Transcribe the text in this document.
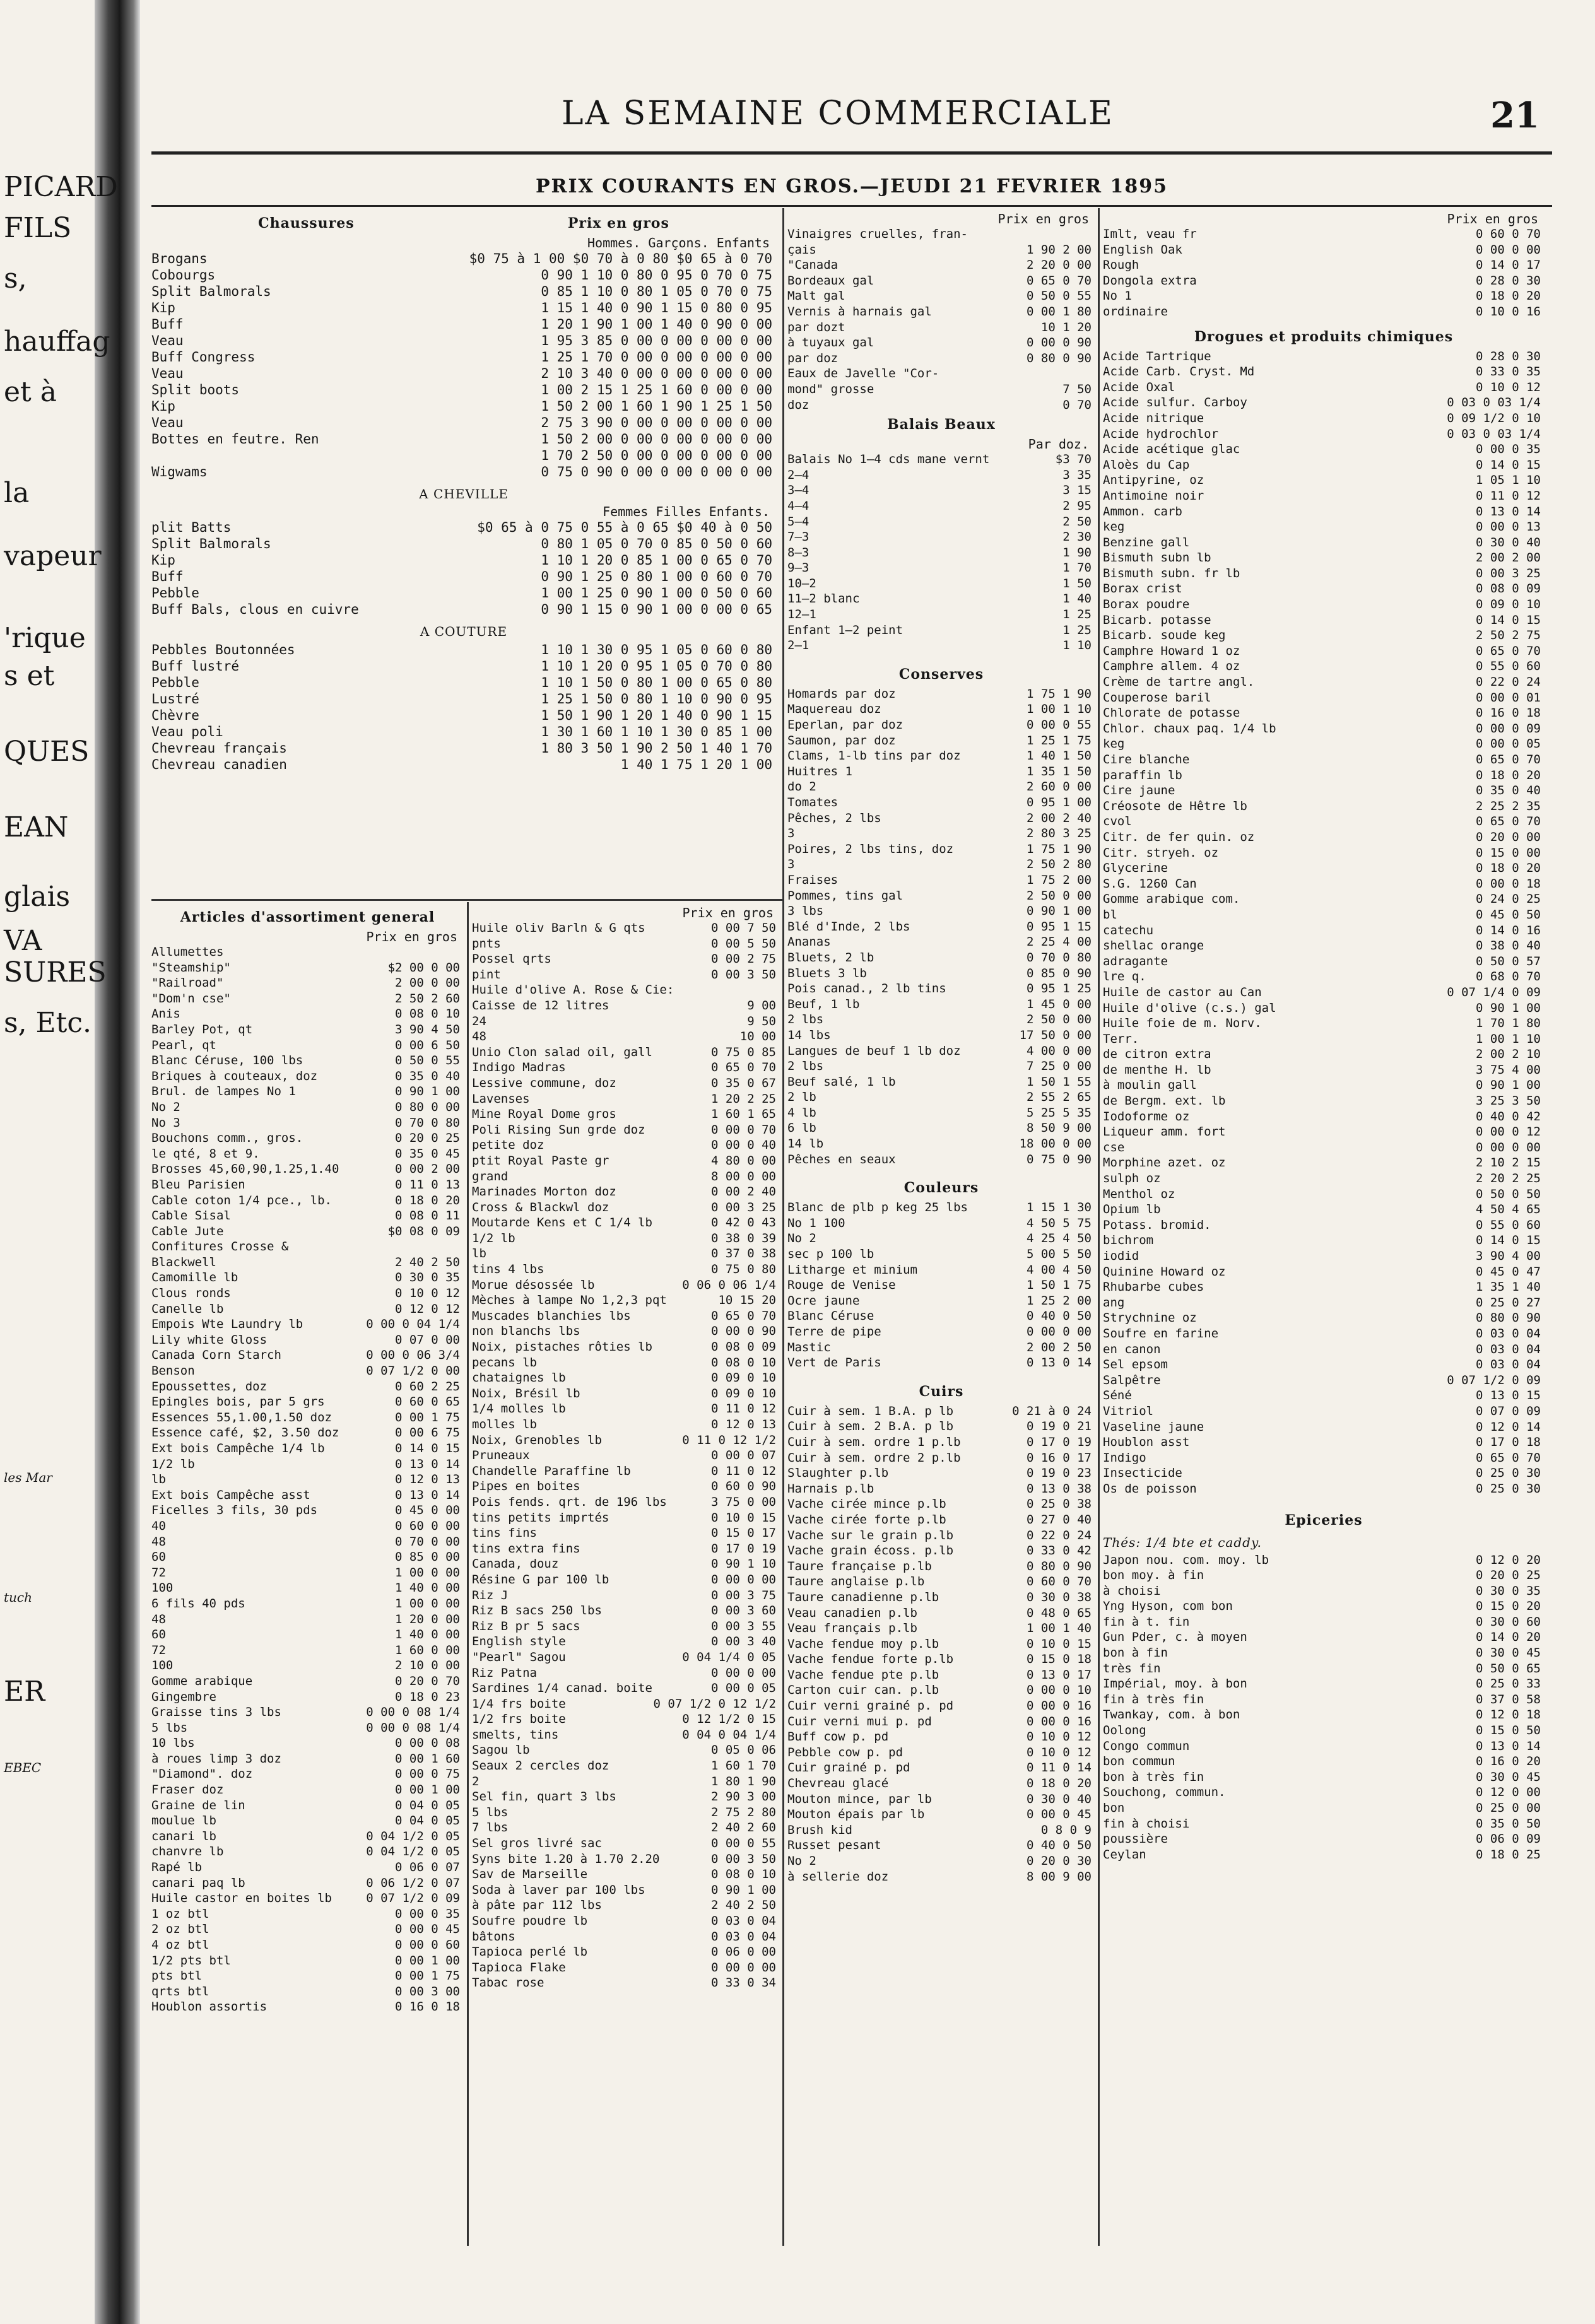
PICARD
FILS
s,
hauffag
et à
la
vapeur
'rique
s et
QUES
EAN
glais
VA
SURES
s, Etc.
les Mar
tuch
ER
EBEC
LA SEMAINE COMMERCIALE	21
PRIX COURANTS EN GROS.—JEUDI 21 FEVRIER 1895
Chaussures	Prix en gros
Hommes. Garçons. Enfants
Brogans	$0 75 à 1 00 $0 70 à 0 80 $0 65 à 0 70
Cobourgs	0 90 1 10 0 80 0 95 0 70 0 75
Split Balmorals	0 85 1 10 0 80 1 05 0 70 0 75
Kip	1 15 1 40 0 90 1 15 0 80 0 95
Buff	1 20 1 90 1 00 1 40 0 90 0 00
Veau	1 95 3 85 0 00 0 00 0 00 0 00
Buff Congress	1 25 1 70 0 00 0 00 0 00 0 00
Veau	2 10 3 40 0 00 0 00 0 00 0 00
Split boots	1 00 2 15 1 25 1 60 0 00 0 00
Kip	1 50 2 00 1 60 1 90 1 25 1 50
Veau	2 75 3 90 0 00 0 00 0 00 0 00
Bottes en feutre. Ren	1 50 2 00 0 00 0 00 0 00 0 00
1 70 2 50 0 00 0 00 0 00 0 00
Wigwams	0 75 0 90 0 00 0 00 0 00 0 00
A CHEVILLE
Femmes Filles Enfants.
plit Batts	$0 65 à 0 75 0 55 à 0 65 $0 40 à 0 50
Split Balmorals	0 80 1 05 0 70 0 85 0 50 0 60
Kip	1 10 1 20 0 85 1 00 0 65 0 70
Buff	0 90 1 25 0 80 1 00 0 60 0 70
Pebble	1 00 1 25 0 90 1 00 0 50 0 60
Buff Bals, clous en cuivre	0 90 1 15 0 90 1 00 0 00 0 65
A COUTURE
Pebbles Boutonnées	1 10 1 30 0 95 1 05 0 60 0 80
Buff lustré	1 10 1 20 0 95 1 05 0 70 0 80
Pebble	1 10 1 50 0 80 1 00 0 65 0 80
Lustré	1 25 1 50 0 80 1 10 0 90 0 95
Chèvre	1 50 1 90 1 20 1 40 0 90 1 15
Veau poli	1 30 1 60 1 10 1 30 0 85 1 00
Chevreau français	1 80 3 50 1 90 2 50 1 40 1 70
Chevreau canadien	1 40 1 75 1 20 1 00
Articles d'assortiment general
Prix en gros
Allumettes
"Steamship"	$2 00 0 00
"Railroad"	2 00 0 00
"Dom'n cse"	2 50 2 60
Anis	0 08 0 10
Barley Pot, qt	3 90 4 50
Pearl, qt	0 00 6 50
Blanc Céruse, 100 lbs	0 50 0 55
Briques à couteaux, doz	0 35 0 40
Brul. de lampes No 1	0 90 1 00
No 2	0 80 0 00
No 3	0 70 0 80
Bouchons comm., gros.	0 20 0 25
le qté, 8 et 9.	0 35 0 45
Brosses 45,60,90,1.25,1.40	0 00 2 00
Bleu Parisien	0 11 0 13
Cable coton 1/4 pce., lb.	0 18 0 20
Cable Sisal	0 08 0 11
Cable Jute	$0 08 0 09
Confitures Crosse &
Blackwell	2 40 2 50
Camomille lb	0 30 0 35
Clous ronds	0 10 0 12
Canelle lb	0 12 0 12
Empois Wte Laundry lb	0 00 0 04 1/4
Lily white Gloss	0 07 0 00
Canada Corn Starch	0 00 0 06 3/4
Benson	0 07 1/2 0 00
Epoussettes, doz	0 60 2 25
Epingles bois, par 5 grs	0 60 0 65
Essences 55,1.00,1.50 doz	0 00 1 75
Essence café, $2, 3.50 doz	0 00 6 75
Ext bois Campêche 1/4 lb	0 14 0 15
1/2 lb	0 13 0 14
lb	0 12 0 13
Ext bois Campêche asst	0 13 0 14
Ficelles 3 fils, 30 pds	0 45 0 00
40	0 60 0 00
48	0 70 0 00
60	0 85 0 00
72	1 00 0 00
100	1 40 0 00
6 fils 40 pds	1 00 0 00
48	1 20 0 00
60	1 40 0 00
72	1 60 0 00
100	2 10 0 00
Gomme arabique	0 20 0 70
Gingembre	0 18 0 23
Graisse tins 3 lbs	0 00 0 08 1/4
5 lbs	0 00 0 08 1/4
10 lbs	0 00 0 08
à roues limp 3 doz	0 00 1 60
"Diamond". doz	0 00 0 75
Fraser doz	0 00 1 00
Graine de lin	0 04 0 05
moulue lb	0 04 0 05
canari lb	0 04 1/2 0 05
chanvre lb	0 04 1/2 0 05
Rapé lb	0 06 0 07
canari paq lb	0 06 1/2 0 07
Huile castor en boites lb	0 07 1/2 0 09
1 oz btl	0 00 0 35
2 oz btl	0 00 0 45
4 oz btl	0 00 0 60
1/2 pts btl	0 00 1 00
pts btl	0 00 1 75
qrts btl	0 00 3 00
Houblon assortis	0 16 0 18
Prix en gros
Huile oliv Barln & G qts	0 00 7 50
pnts	0 00 5 50
Possel qrts	0 00 2 75
pint	0 00 3 50
Huile d'olive A. Rose & Cie:
Caisse de 12 litres	9 00
24	9 50
48	10 00
Unio Clon salad oil, gall	0 75 0 85
Indigo Madras	0 65 0 70
Lessive commune, doz	0 35 0 67
Lavenses	1 20 2 25
Mine Royal Dome gros	1 60 1 65
Poli Rising Sun grde doz	0 00 0 70
petite doz	0 00 0 40
ptit Royal Paste gr	4 80 0 00
grand	8 00 0 00
Marinades Morton doz	0 00 2 40
Cross & Blackwl doz	0 00 3 25
Moutarde Kens et C 1/4 lb	0 42 0 43
1/2 lb	0 38 0 39
lb	0 37 0 38
tins 4 lbs	0 75 0 80
Morue désossée lb	0 06 0 06 1/4
Mèches à lampe No 1,2,3 pqt	10 15 20
Muscades blanchies lbs	0 65 0 70
non blanchs lbs	0 00 0 90
Noix, pistaches rôties lb	0 08 0 09
pecans lb	0 08 0 10
chataignes lb	0 09 0 10
Noix, Brésil lb	0 09 0 10
1/4 molles lb	0 11 0 12
molles lb	0 12 0 13
Noix, Grenobles lb	0 11 0 12 1/2
Pruneaux	0 00 0 07
Chandelle Paraffine lb	0 11 0 12
Pipes en boites	0 60 0 90
Pois fends. qrt. de 196 lbs	3 75 0 00
tins petits imprtés	0 10 0 15
tins fins	0 15 0 17
tins extra fins	0 17 0 19
Canada, douz	0 90 1 10
Résine G par 100 lb	0 00 0 00
Riz J	0 00 3 75
Riz B sacs 250 lbs	0 00 3 60
Riz B pr 5 sacs	0 00 3 55
English style	0 00 3 40
"Pearl" Sagou	0 04 1/4 0 05
Riz Patna	0 00 0 00
Sardines 1/4 canad. boite	0 00 0 05
1/4 frs boite	0 07 1/2 0 12 1/2
1/2 frs boite	0 12 1/2 0 15
smelts, tins	0 04 0 04 1/4
Sagou lb	0 05 0 06
Seaux 2 cercles doz	1 60 1 70
2	1 80 1 90
Sel fin, quart 3 lbs	2 90 3 00
5 lbs	2 75 2 80
7 lbs	2 40 2 60
Sel gros livré sac	0 00 0 55
Syns bite 1.20 à 1.70 2.20	0 00 3 50
Sav de Marseille	0 08 0 10
Soda à laver par 100 lbs	0 90 1 00
à pâte par 112 lbs	2 40 2 50
Soufre poudre lb	0 03 0 04
bâtons	0 03 0 04
Tapioca perlé lb	0 06 0 00
Tapioca Flake	0 00 0 00
Tabac rose	0 33 0 34
Prix en gros
Vinaigres cruelles, fran-
çais	1 90 2 00
"Canada	2 20 0 00
Bordeaux gal	0 65 0 70
Malt gal	0 50 0 55
Vernis à harnais gal	0 00 1 80
par dozt	10 1 20
à tuyaux gal	0 00 0 90
par doz	0 80 0 90
Eaux de Javelle "Cor-
mond" grosse	7 50
doz	0 70
Balais Beaux
Par doz.
Balais No 1—4 cds mane vernt	$3 70
2—4	3 35
3—4	3 15
4—4	2 95
5—4	2 50
7—3	2 30
8—3	1 90
9—3	1 70
10—2	1 50
11—2 blanc	1 40
12—1	1 25
Enfant 1—2 peint	1 25
2—1	1 10
Conserves
Homards par doz	1 75 1 90
Maquereau doz	1 00 1 10
Eperlan, par doz	0 00 0 55
Saumon, par doz	1 25 1 75
Clams, 1-lb tins par doz	1 40 1 50
Huitres 1	1 35 1 50
do 2	2 60 0 00
Tomates	0 95 1 00
Pêches, 2 lbs	2 00 2 40
3	2 80 3 25
Poires, 2 lbs tins, doz	1 75 1 90
3	2 50 2 80
Fraises	1 75 2 00
Pommes, tins gal	2 50 0 00
3 lbs	0 90 1 00
Blé d'Inde, 2 lbs	0 95 1 15
Ananas	2 25 4 00
Bluets, 2 lb	0 70 0 80
Bluets 3 lb	0 85 0 90
Pois canad., 2 lb tins	0 95 1 25
Beuf, 1 lb	1 45 0 00
2 lbs	2 50 0 00
14 lbs	17 50 0 00
Langues de beuf 1 lb doz	4 00 0 00
2 lbs	7 25 0 00
Beuf salé, 1 lb	1 50 1 55
2 lb	2 55 2 65
4 lb	5 25 5 35
6 lb	8 50 9 00
14 lb	18 00 0 00
Pêches en seaux	0 75 0 90
Couleurs
Blanc de plb p keg 25 lbs	1 15 1 30
No 1 100	4 50 5 75
No 2	4 25 4 50
sec p 100 lb	5 00 5 50
Litharge et minium	4 00 4 50
Rouge de Venise	1 50 1 75
Ocre jaune	1 25 2 00
Blanc Céruse	0 40 0 50
Terre de pipe	0 00 0 00
Mastic	2 00 2 50
Vert de Paris	0 13 0 14
Cuirs
Cuir à sem. 1 B.A. p lb	0 21 à 0 24
Cuir à sem. 2 B.A. p lb	0 19 0 21
Cuir à sem. ordre 1 p.lb	0 17 0 19
Cuir à sem. ordre 2 p.lb	0 16 0 17
Slaughter p.lb	0 19 0 23
Harnais p.lb	0 13 0 38
Vache cirée mince p.lb	0 25 0 38
Vache cirée forte p.lb	0 27 0 40
Vache sur le grain p.lb	0 22 0 24
Vache grain écoss. p.lb	0 33 0 42
Taure française p.lb	0 80 0 90
Taure anglaise p.lb	0 60 0 70
Taure canadienne p.lb	0 30 0 38
Veau canadien p.lb	0 48 0 65
Veau français p.lb	1 00 1 40
Vache fendue moy p.lb	0 10 0 15
Vache fendue forte p.lb	0 15 0 18
Vache fendue pte p.lb	0 13 0 17
Carton cuir can. p.lb	0 00 0 10
Cuir verni grainé p. pd	0 00 0 16
Cuir verni mui p. pd	0 00 0 16
Buff cow p. pd	0 10 0 12
Pebble cow p. pd	0 10 0 12
Cuir grainé p. pd	0 11 0 14
Chevreau glacé	0 18 0 20
Mouton mince, par lb	0 30 0 40
Mouton épais par lb	0 00 0 45
Brush kid	0 8 0 9
Russet pesant	0 40 0 50
No 2	0 20 0 30
à sellerie doz	8 00 9 00
Prix en gros
Imlt, veau fr	0 60 0 70
English Oak	0 00 0 00
Rough	0 14 0 17
Dongola extra	0 28 0 30
No 1	0 18 0 20
ordinaire	0 10 0 16
Drogues et produits chimiques
Acide Tartrique	0 28 0 30
Acide Carb. Cryst. Md	0 33 0 35
Acide Oxal	0 10 0 12
Acide sulfur. Carboy	0 03 0 03 1/4
Acide nitrique	0 09 1/2 0 10
Acide hydrochlor	0 03 0 03 1/4
Acide acétique glac	0 00 0 35
Aloès du Cap	0 14 0 15
Antipyrine, oz	1 05 1 10
Antimoine noir	0 11 0 12
Ammon. carb	0 13 0 14
keg	0 00 0 13
Benzine gall	0 30 0 40
Bismuth subn lb	2 00 2 00
Bismuth subn. fr lb	0 00 3 25
Borax crist	0 08 0 09
Borax poudre	0 09 0 10
Bicarb. potasse	0 14 0 15
Bicarb. soude keg	2 50 2 75
Camphre Howard 1 oz	0 65 0 70
Camphre allem. 4 oz	0 55 0 60
Crème de tartre angl.	0 22 0 24
Couperose baril	0 00 0 01
Chlorate de potasse	0 16 0 18
Chlor. chaux paq. 1/4 lb	0 00 0 09
keg	0 00 0 05
Cire blanche	0 65 0 70
paraffin lb	0 18 0 20
Cire jaune	0 35 0 40
Créosote de Hêtre lb	2 25 2 35
cvol	0 65 0 70
Citr. de fer quin. oz	0 20 0 00
Citr. stryeh. oz	0 15 0 00
Glycerine	0 18 0 20
S.G. 1260 Can	0 00 0 18
Gomme arabique com.	0 24 0 25
bl	0 45 0 50
catechu	0 14 0 16
shellac orange	0 38 0 40
adragante	0 50 0 57
lre q.	0 68 0 70
Huile de castor au Can	0 07 1/4 0 09
Huile d'olive (c.s.) gal	0 90 1 00
Huile foie de m. Norv.	1 70 1 80
Terr.	1 00 1 10
de citron extra	2 00 2 10
de menthe H. lb	3 75 4 00
à moulin gall	0 90 1 00
de Bergm. ext. lb	3 25 3 50
Iodoforme oz	0 40 0 42
Liqueur amm. fort	0 00 0 12
cse	0 00 0 00
Morphine azet. oz	2 10 2 15
sulph oz	2 20 2 25
Menthol oz	0 50 0 50
Opium lb	4 50 4 65
Potass. bromid.	0 55 0 60
bichrom	0 14 0 15
iodid	3 90 4 00
Quinine Howard oz	0 45 0 47
Rhubarbe cubes	1 35 1 40
ang	0 25 0 27
Strychnine oz	0 80 0 90
Soufre en farine	0 03 0 04
en canon	0 03 0 04
Sel epsom	0 03 0 04
Salpêtre	0 07 1/2 0 09
Séné	0 13 0 15
Vitriol	0 07 0 09
Vaseline jaune	0 12 0 14
Houblon asst	0 17 0 18
Indigo	0 65 0 70
Insecticide	0 25 0 30
Os de poisson	0 25 0 30
Epiceries
Thés: 1/4 bte et caddy.
Japon nou. com. moy. lb	0 12 0 20
bon moy. à fin	0 20 0 25
à choisi	0 30 0 35
Yng Hyson, com bon	0 15 0 20
fin à t. fin	0 30 0 60
Gun Pder, c. à moyen	0 14 0 20
bon à fin	0 30 0 45
très fin	0 50 0 65
Impérial, moy. à bon	0 25 0 33
fin à très fin	0 37 0 58
Twankay, com. à bon	0 12 0 18
Oolong	0 15 0 50
Congo commun	0 13 0 14
bon commun	0 16 0 20
bon à très fin	0 30 0 45
Souchong, commun.	0 12 0 00
bon	0 25 0 00
fin à choisi	0 35 0 50
poussière	0 06 0 09
Ceylan	0 18 0 25
